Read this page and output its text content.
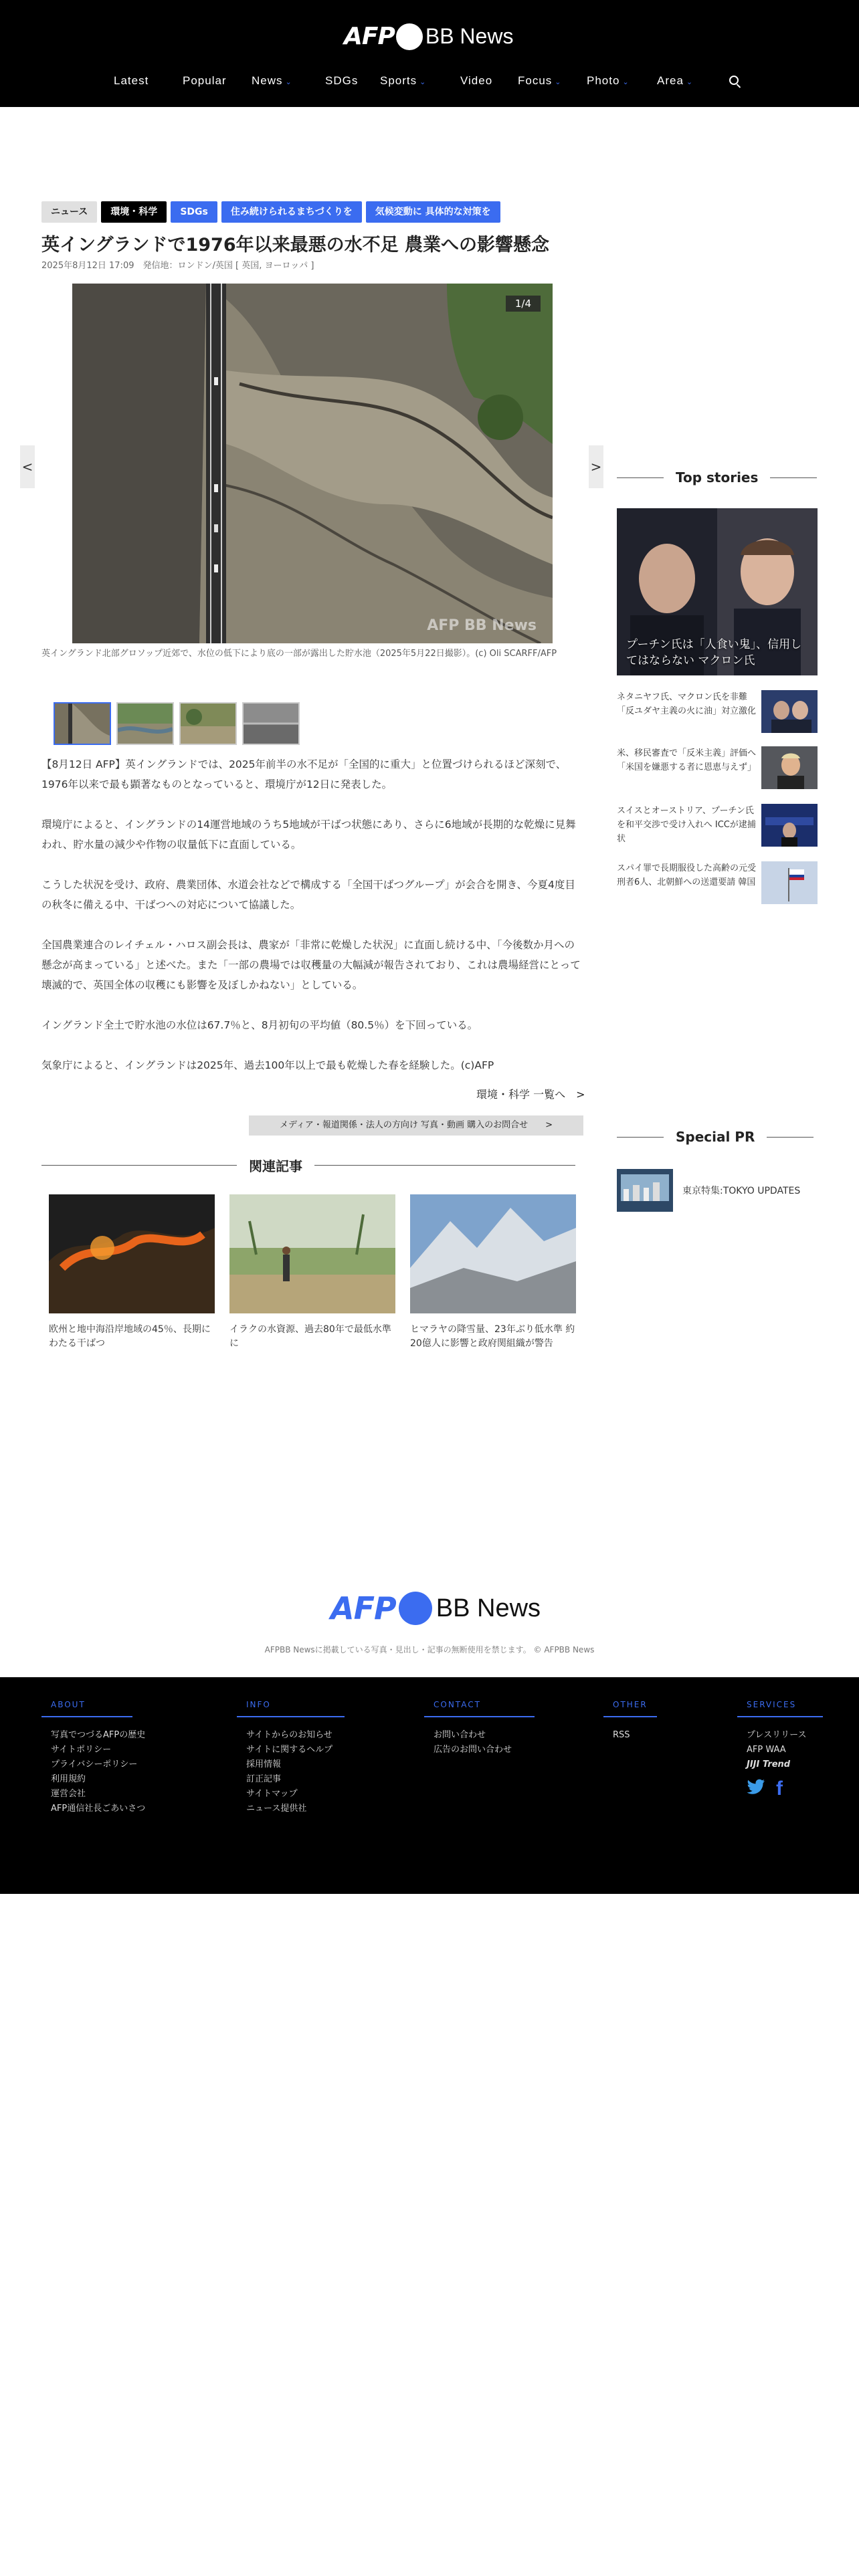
AFP BB News
Latest	Popular News ⌄	SDGs Sports ⌄	Video Focus ⌄ Photo ⌄ Area ⌄
ニュース	環境・科学	SDGs	住み続けられるまちづくりを	気候変動に 具体的な対策を
英イングランドで1976年以来最悪の水不足 農業への影響懸念
2025年8月12日 17:09　発信地：ロンドン/英国 [ 英国, ヨーロッパ ]
<
1/4
AFP BB News
>
英イングランド北部グロソップ近郊で、水位の低下により底の一部が露出した貯水池（2025年5月22日撮影）。(c) Oli SCARFF/AFP

【8月12日 AFP】英イングランドでは、2025年前半の水不足が「全国的に重大」と位置づけられるほど深刻で、1976年以来で最も顕著なものとなっていると、環境庁が12日に発表した。

環境庁によると、イングランドの14運営地域のうち5地域が干ばつ状態にあり、さらに6地域が長期的な乾燥に見舞われ、貯水量の減少や作物の収量低下に直面している。

こうした状況を受け、政府、農業団体、水道会社などで構成する「全国干ばつグループ」が会合を開き、今夏4度目の秋冬に備える中、干ばつへの対応について協議した。

全国農業連合のレイチェル・ハロス副会長は、農家が「非常に乾燥した状況」に直面し続ける中、「今後数か月への懸念が高まっている」と述べた。また「一部の農場では収穫量の大幅減が報告されており、これは農場経営にとって壊滅的で、英国全体の収穫にも影響を及ぼしかねない」としている。

イングランド全土で貯水池の水位は67.7％と、8月初旬の平均値（80.5％）を下回っている。

気象庁によると、イングランドは2025年、過去100年以上で最も乾燥した春を経験した。(c)AFP

環境・科学 一覧へ　>
メディア・報道関係・法人の方向け 写真・動画 購入のお問合せ　　>
関連記事
欧州と地中海沿岸地域の45％、長期にわたる干ばつ
イラクの水資源、過去80年で最低水準に
ヒマラヤの降雪量、23年ぶり低水準 約20億人に影響と政府関組織が警告
Top stories
プーチン氏は「人食い鬼」、信用してはならない マクロン氏
ネタニヤフ氏、マクロン氏を非難「反ユダヤ主義の火に油」対立激化
米、移民審査で「反米主義」評価へ「米国を嫌悪する者に恩恵与えず」
スイスとオーストリア、プーチン氏を和平交渉で受け入れへ ICCが逮捕状
スパイ罪で長期服役した高齢の元受刑者6人、北朝鮮への送還要請 韓国
Special PR
東京特集:TOKYO UPDATES
AFP BB News
AFPBB Newsに掲載している写真・見出し・記事の無断使用を禁じます。 © AFPBB News
ABOUT
写真でつづるAFPの歴史
サイトポリシー
プライバシーポリシー
利用規約
運営会社
AFP通信社長ごあいさつ
INFO
サイトからのお知らせ
サイトに関するヘルプ
採用情報
訂正記事
サイトマップ
ニュース提供社
CONTACT
お問い合わせ
広告のお問い合わせ
OTHER
RSS
SERVICES
プレスリリース
AFP WAA
JIJI Trend
f
